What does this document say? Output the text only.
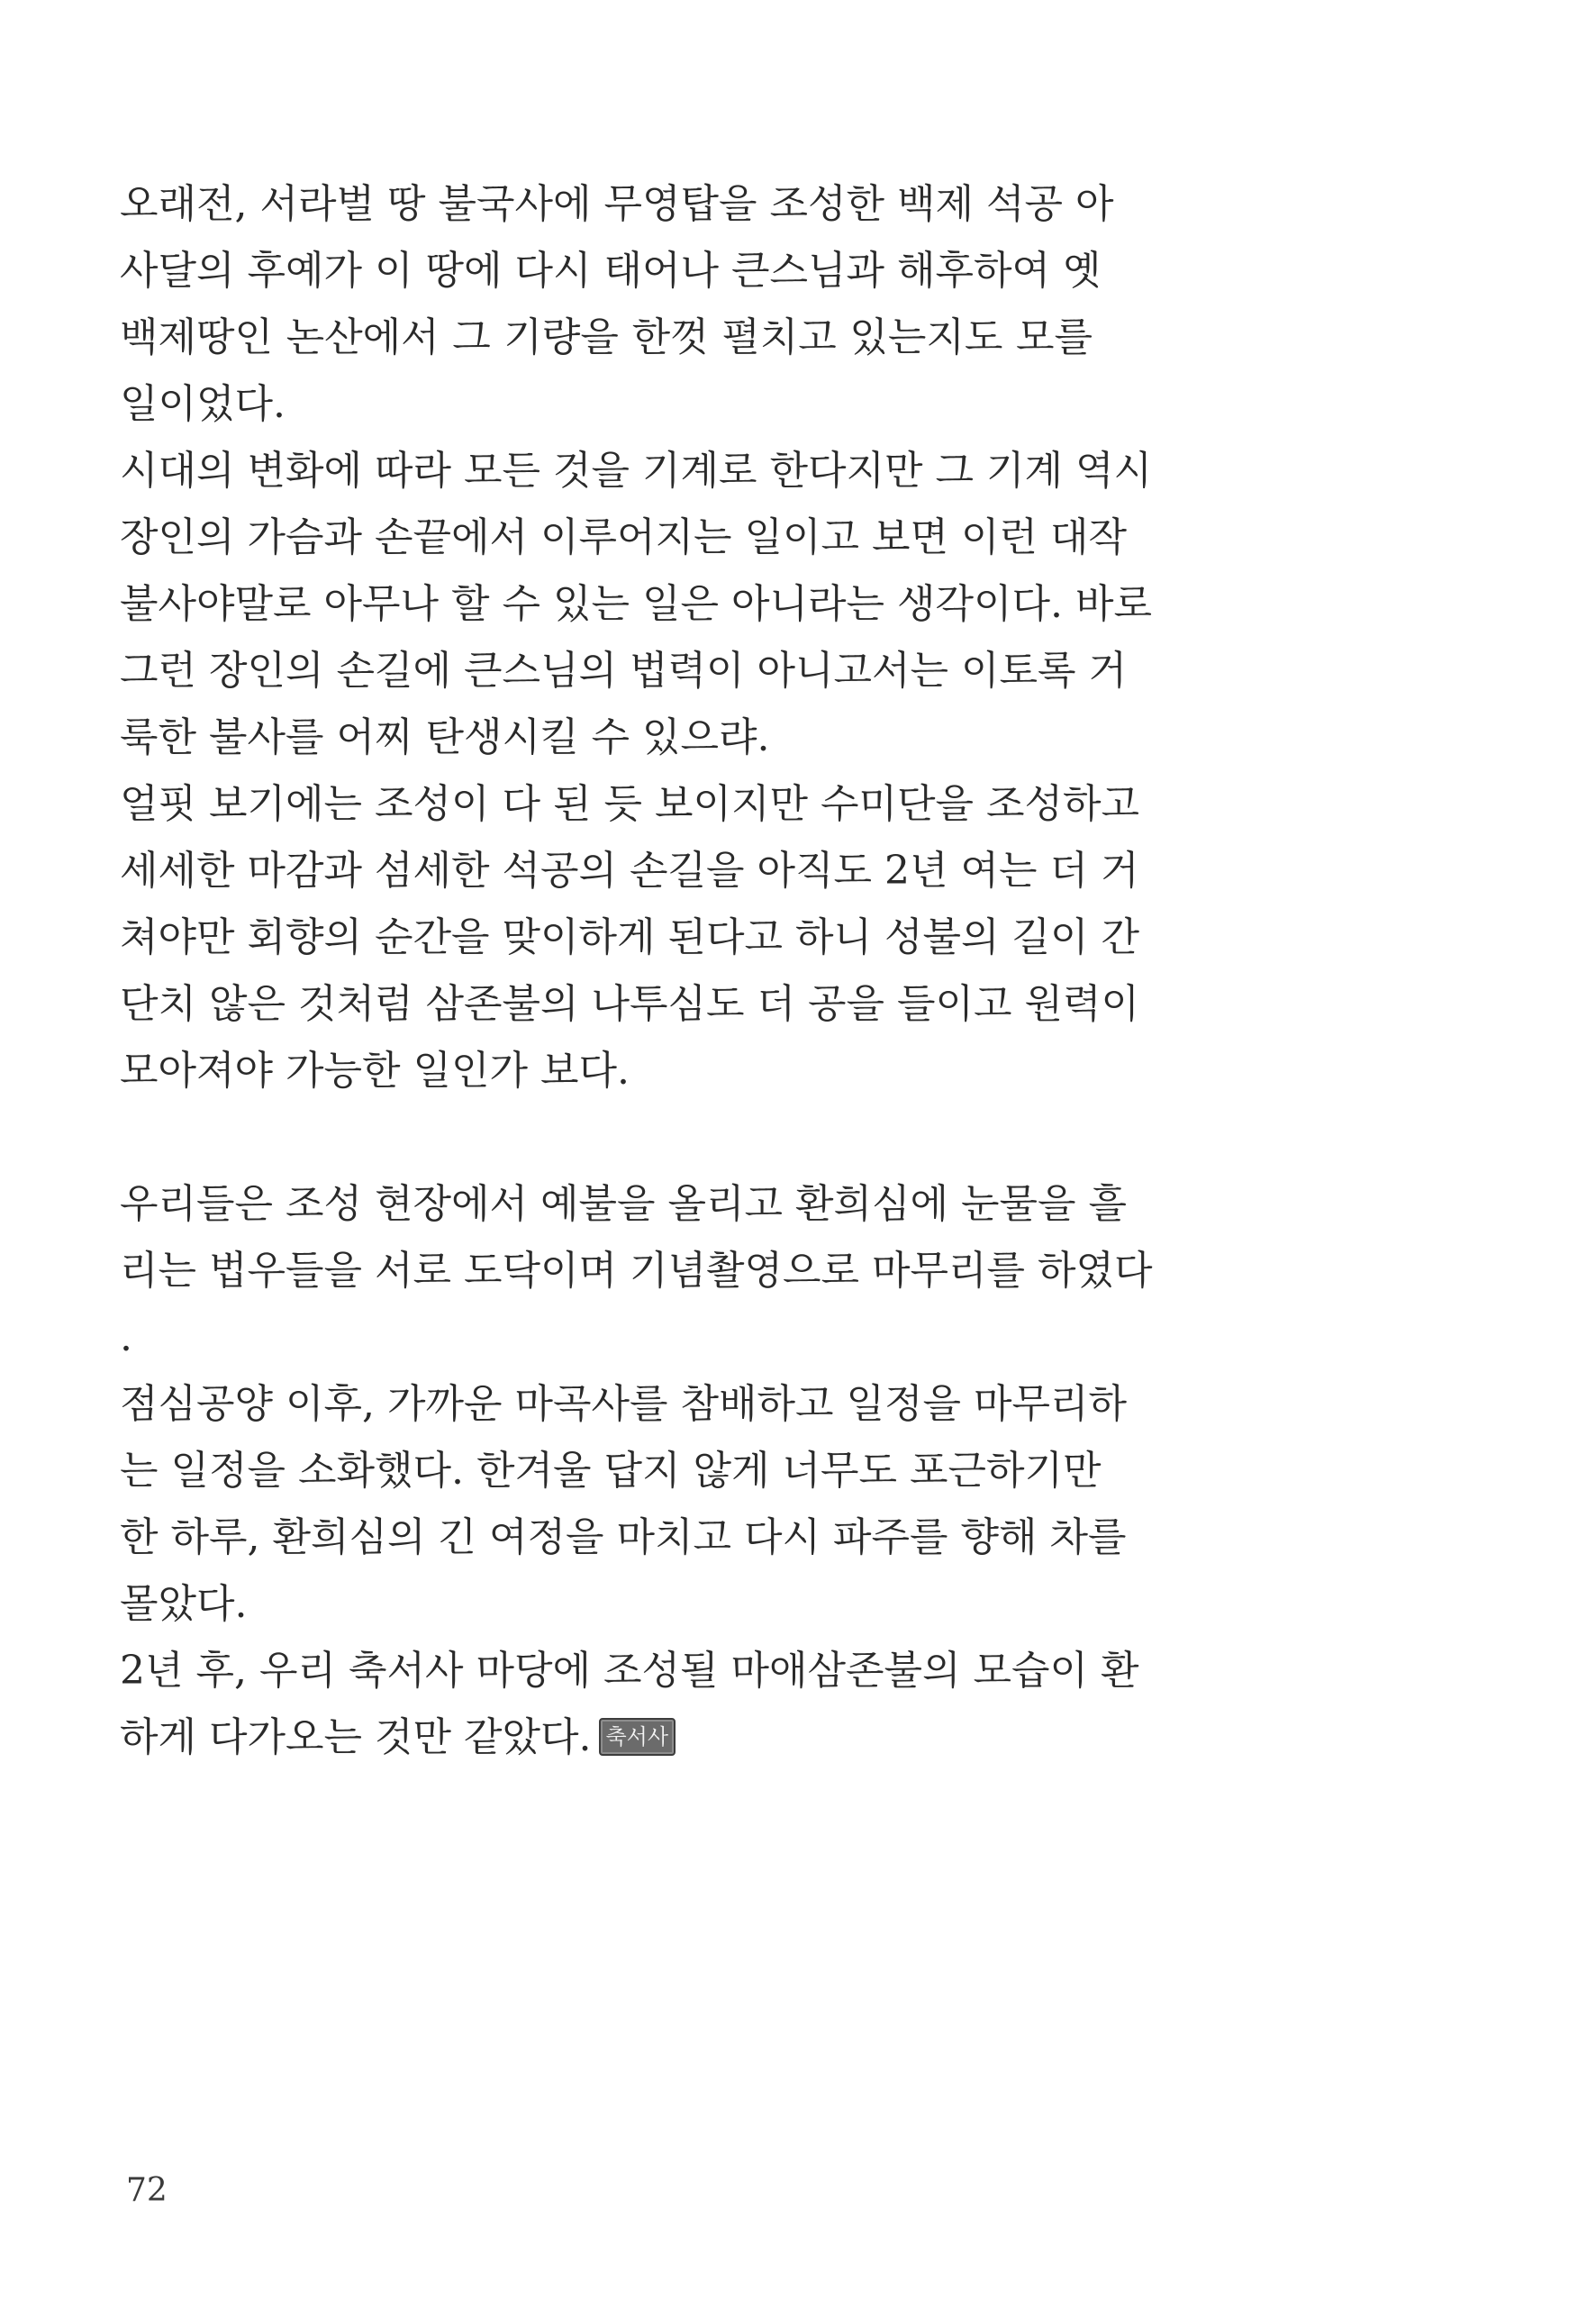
오래전, 서라벌 땅 불국사에 무영탑을 조성한 백제 석공 아
사달의 후예가 이 땅에 다시 태어나 큰스님과 해후하여 옛
백제땅인 논산에서 그 기량을 한껏 펼치고 있는지도 모를
일이었다.
시대의 변화에 따라 모든 것을 기계로 한다지만 그 기계 역시
장인의 가슴과 손끝에서 이루어지는 일이고 보면 이런 대작
불사야말로 아무나 할 수 있는 일은 아니라는 생각이다. 바로
그런 장인의 손길에 큰스님의 법력이 아니고서는 이토록 거
룩한 불사를 어찌 탄생시킬 수 있으랴.
얼핏 보기에는 조성이 다 된 듯 보이지만 수미단을 조성하고
세세한 마감과 섬세한 석공의 손길을 아직도 2년 여는 더 거
쳐야만 회향의 순간을 맞이하게 된다고 하니 성불의 길이 간
단치 않은 것처럼 삼존불의 나투심도 더 공을 들이고 원력이
모아져야 가능한 일인가 보다.
우리들은 조성 현장에서 예불을 올리고 환희심에 눈물을 흘
리는 법우들을 서로 도닥이며 기념촬영으로 마무리를 하였다
.
점심공양 이후, 가까운 마곡사를 참배하고 일정을 마무리하
는 일정을 소화했다. 한겨울 답지 않게 너무도 포근하기만
한 하루, 환희심의 긴 여정을 마치고 다시 파주를 향해 차를
몰았다.
2년 후, 우리 축서사 마당에 조성될 마애삼존불의 모습이 환
하게 다가오는 것만 같았다. 축서사
72
